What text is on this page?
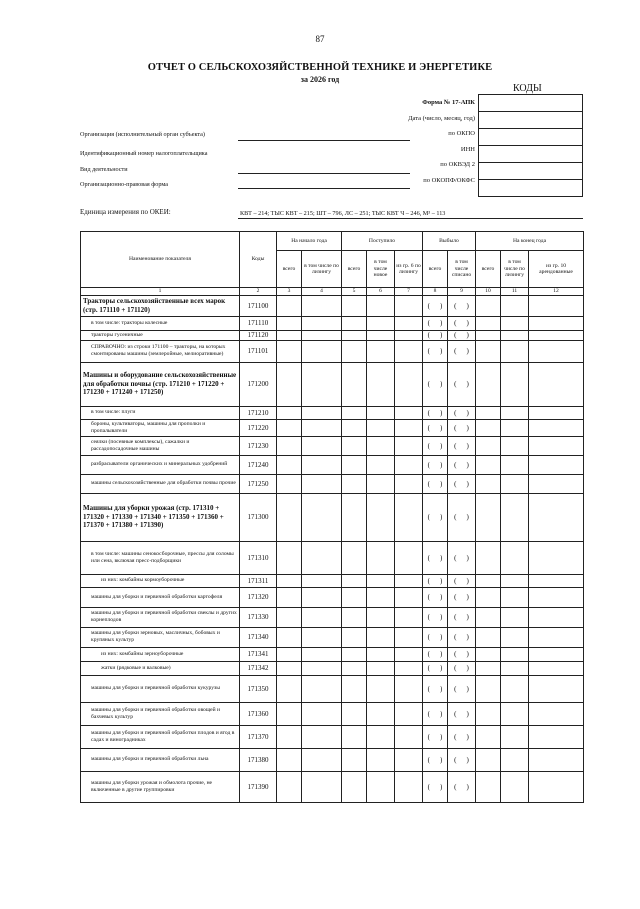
87
ОТЧЕТ О СЕЛЬСКОХОЗЯЙСТВЕННОЙ ТЕХНИКЕ И ЭНЕРГЕТИКЕ
за 2026 год
КОДЫ

Форма № 17-АПК
Дата (число, месяц, год)
по ОКПО
ИНН
по ОКВЭД 2
по ОКОПФ/ОКФС
Организация (исполнительный орган субъекта)
Идентификационный номер налогоплательщика
Вид деятельности
Организационно-правовая форма
Единица измерения по ОКЕИ:	КВТ – 214; ТЫС КВТ – 215; ШТ – 796, ЛС – 251; ТЫС КВТ Ч – 246, М³ – 113
Наименование показателя	Коды	На начало года		Поступило			Выбыло		На конец года		
		всего	в том числе по лизингу	всего	в том числе новое	из гр. 6 по лизингу	всего	в том числе списано	всего	в том числе по лизингу	из гр. 10 арендованные
1	2	3	4	5	6	7	8	9	10	11	12
Тракторы сельскохозяйственные всех марок (стр. 171110 + 171120)	171100						( )	( )			
в том числе: тракторы колесные	171110						( )	( )			
тракторы гусеничные	171120						( )	( )			
СПРАВОЧНО: из строки 171100 – тракторы, на которых смонтированы машины (землеройные, мелиоративные)	171101						( )	( )			
Машины и оборудование сельскохозяйственные для обработки почвы (стр. 171210 + 171220 + 171230 + 171240 + 171250)	171200						( )	( )			
в том числе: плуги	171210						( )	( )			
бороны, культиваторы, машины для прополки и пропалыватели	171220						( )	( )			
сеялки (посевные комплексы), сажалки и рассадопосадочные машины	171230						( )	( )			
разбрасыватели органических и минеральных удобрений	171240						( )	( )			
машины сельскохозяйственные для обработки почвы прочие	171250						( )	( )			
Машины для уборки урожая (стр. 171310 + 171320 + 171330 + 171340 + 171350 + 171360 + 171370 + 171380 + 171390)	171300						( )	( )			
в том числе: машины сенокосборочные, прессы для соломы или сена, включая пресс-подборщики	171310						( )	( )			
из них: комбайны кормоуборочные	171311						( )	( )			
машины для уборки и первичной обработки картофеля	171320						( )	( )			
машины для уборки и первичной обработки свеклы и других корнеплодов	171330						( )	( )			
машины для уборки зерновых, масличных, бобовых и крупяных культур	171340						( )	( )			
из них: комбайны зерноуборочные	171341						( )	( )			
жатки (рядковые и валковые)	171342						( )	( )			
машины для уборки и первичной обработки кукурузы	171350						( )	( )			
машины для уборки и первичной обработки овощей и бахчевых культур	171360						( )	( )			
машины для уборки и первичной обработки плодов и ягод в садах и виноградниках	171370						( )	( )			
машины для уборки и первичной обработки льна	171380						( )	( )			
машины для уборки урожая и обмолота прочие, не включенные в другие группировки	171390						( )	( )			
